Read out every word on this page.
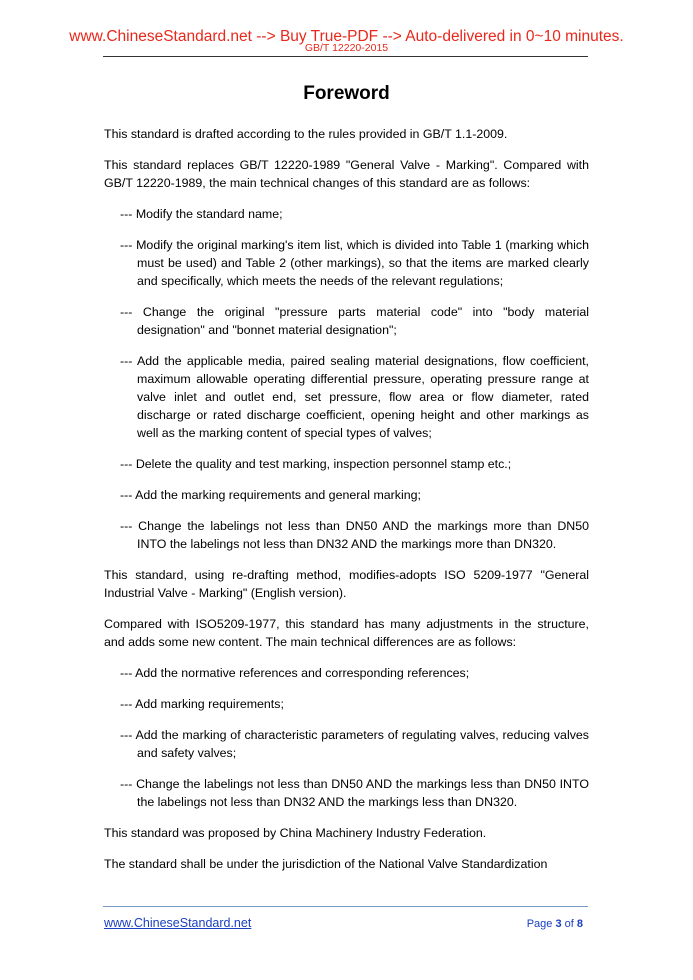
www.ChineseStandard.net --> Buy True-PDF --> Auto-delivered in 0~10 minutes.
GB/T 12220-2015
Foreword

This standard is drafted according to the rules provided in GB/T 1.1-2009.

This standard replaces GB/T 12220-1989 "General Valve - Marking". Compared with GB/T 12220-1989, the main technical changes of this standard are as follows:

--- Modify the standard name;

--- Modify the original marking's item list, which is divided into Table 1 (marking which must be used) and Table 2 (other markings), so that the items are marked clearly and specifically, which meets the needs of the relevant regulations;

--- Change the original "pressure parts material code" into "body material designation" and "bonnet material designation";

--- Add the applicable media, paired sealing material designations, flow coefficient, maximum allowable operating differential pressure, operating pressure range at valve inlet and outlet end, set pressure, flow area or flow diameter, rated discharge or rated discharge coefficient, opening height and other markings as well as the marking content of special types of valves;

--- Delete the quality and test marking, inspection personnel stamp etc.;

--- Add the marking requirements and general marking;

--- Change the labelings not less than DN50 AND the markings more than DN50 INTO the labelings not less than DN32 AND the markings more than DN320.

This standard, using re-drafting method, modifies-adopts ISO 5209-1977 "General Industrial Valve - Marking" (English version).

Compared with ISO5209-1977, this standard has many adjustments in the structure, and adds some new content. The main technical differences are as follows:

--- Add the normative references and corresponding references;

--- Add marking requirements;

--- Add the marking of characteristic parameters of regulating valves, reducing valves and safety valves;

--- Change the labelings not less than DN50 AND the markings less than DN50 INTO the labelings not less than DN32 AND the markings less than DN320.

This standard was proposed by China Machinery Industry Federation.

The standard shall be under the jurisdiction of the National Valve Standardization

www.ChineseStandard.net	Page 3 of 8
